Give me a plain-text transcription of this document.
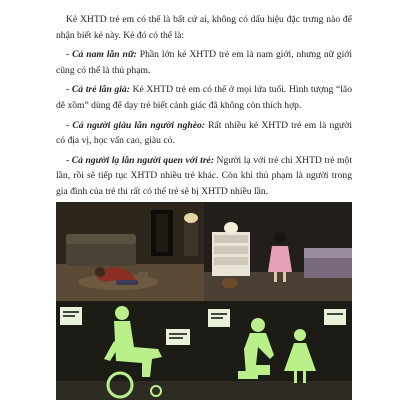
Kẻ XHTD trẻ em có thể là bất cứ ai, không có dấu hiệu đặc trưng nào để nhận biết kẻ này. Kẻ đó có thể là:

- Cả nam lẫn nữ: Phần lớn kẻ XHTD trẻ em là nam giới, nhưng nữ giới cũng có thể là thủ phạm.

- Cả trẻ lẫn già: Kẻ XHTD trẻ em có thể ở mọi lứa tuổi. Hình tượng “lão dê xồm” dùng để dạy trẻ biết cảnh giác đã không còn thích hợp.

- Cả người giàu lẫn người nghèo: Rất nhiều kẻ XHTD trẻ em là người có địa vị, học vấn cao, giàu có.

- Cả người lạ lẫn người quen với trẻ: Người lạ với trẻ chỉ XHTD trẻ một lần, rồi sẽ tiếp tục XHTD nhiều trẻ khác. Còn khi thủ phạm là người trong gia đình của trẻ thì rất có thể trẻ sẽ bị XHTD nhiều lần.
